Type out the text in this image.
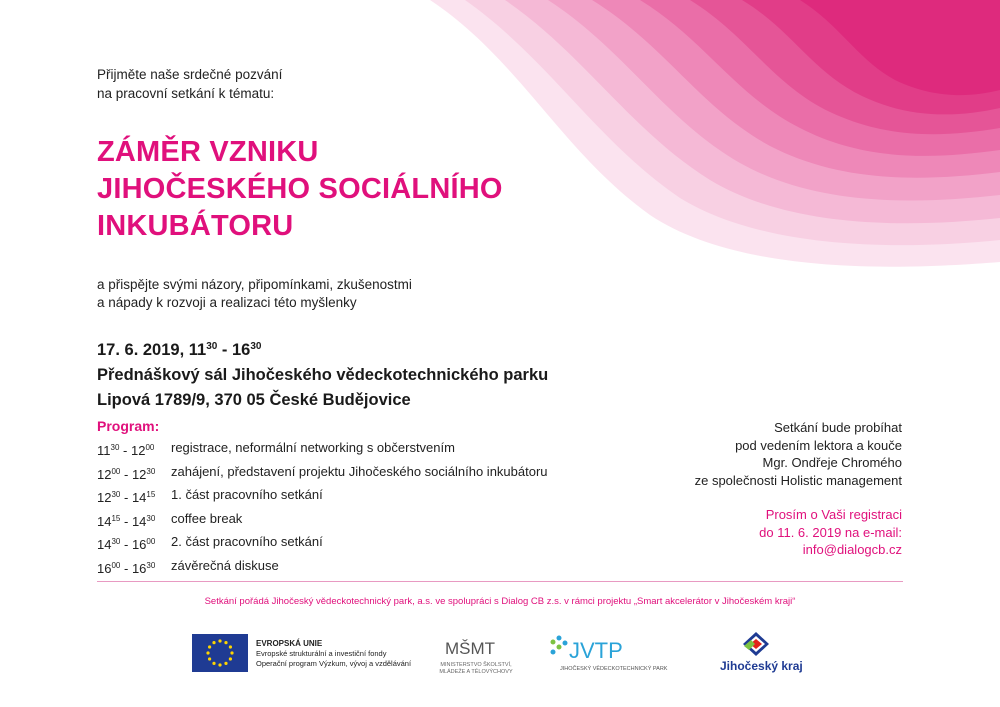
Přijměte naše srdečné pozvání
na pracovní setkání k tématu:
ZÁMĚR VZNIKU
JIHOČESKÉHO SOCIÁLNÍHO
INKUBÁTORU
a přispějte svými názory, připomínkami, zkušenostmi
a nápady k rozvoji a realizaci této myšlenky
17. 6. 2019, $11^{30} - 16^{30}$
Přednáškový sál Jihočeského vědeckotechnického parku
Lipová 1789/9, 370 05 České Budějovice
Program:
$11^{30} - 12^{00}$	registrace, neformální networking s občerstvením
$12^{00} - 12^{30}$	zahájení, představení projektu Jihočeského sociálního inkubátoru
$12^{30} - 14^{15}$	1. část pracovního setkání
$14^{15} - 14^{30}$	coffee break
$14^{30} - 16^{00}$	2. část pracovního setkání
$16^{00} - 16^{30}$	závěrečná diskuse
Setkání bude probíhat
pod vedením lektora a kouče
Mgr. Ondřeje Chromého
ze společnosti Holistic management
Prosím o Vaši registraci
do 11. 6. 2019 na e-mail:
info@dialogcb.cz
Setkání pořádá Jihočeský vědeckotechnický park, a.s. ve spolupráci s Dialog CB z.s. v rámci projektu „Smart akcelerátor v Jihočeském kraji“
EVROPSKÁ UNIE
Evropské strukturální a investiční fondy
Operační program Výzkum, vývoj a vzdělávání
MŠMT
MINISTERSTVO ŠKOLSTVÍ, MLÁDEŽE A TĚLOVÝCHOVY
JVTP
JIHOČESKÝ VĚDECKOTECHNICKÝ PARK	Jihočeský kraj
